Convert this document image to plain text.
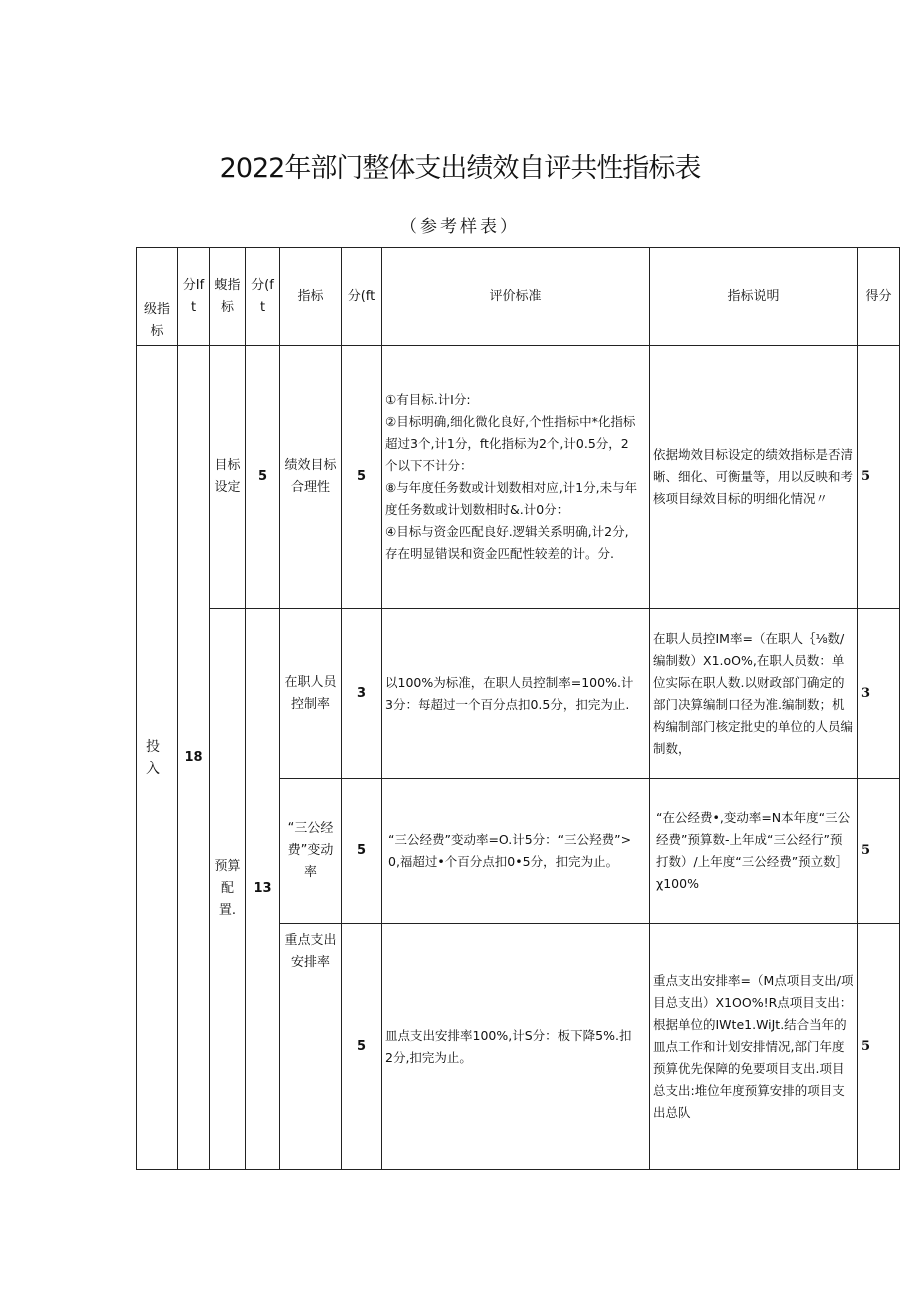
2022年部门整体支出绩效自评共性指标表
（参考样表）
级指标	分Ift	蝮指标	分(ft	指标	分(ft	评价标准		指标说明	得分
投入	18	目标设定	5	绩效目标合理性	5	①有目标.计I分:
②目标明确,细化微化良好,个性指标中*化指标超过3个,计1分，ft化指标为2个,计0.5分，2个以下不计分：
⑧与年度任务数或计划数相对应,计1分,未与年度任务数或计划数相时&.计0分：
④目标与资金匹配良好.逻辑关系明确,计2分,存在明显错误和资金匹配性较差的计。分.		依据坳效目标设定的绩效指标是否清晰、细化、可衡量等，用以反映和考核项目绿效目标的明细化情况〃	5
		预算配置.	13	在职人员控制率	3	以100%为标准，在职人员控制率=100%.计3分：每超过一个百分点扣0.5分，扣完为止.		在职人员控IM率=（在职人｛⅛数/编制数）X1.oO%,在职人员数：单位实际在职人数.以财政部门确定的部门决算编制口径为准.编制数；机构编制部门核定批史的单位的人员编制数，	3
				“三公经费”变动率	5	“三公经费”变动率=O.计5分：“三公羟费”>0,福超过•个百分点扣0•5分，扣完为止。		“在公经费•,变动率=N本年度“三公经费”预算数-上年成“三公经行”预打数）/上年度“三公经费”预立数］χ100%	5
				重点支出安排率	5	皿点支出安排率100%,计S分：板下降5%.扣2分,扣完为止。		重点支出安排率=（M点项目支出/项目总支出）X1OO%!R点项目支出：根据单位的IWte1.WiJt.结合当年的皿点工作和计划安排情况,部门年度预算优先保障的免要项目支出.项目总支出:堆位年度预算安排的项目支出总队	5
